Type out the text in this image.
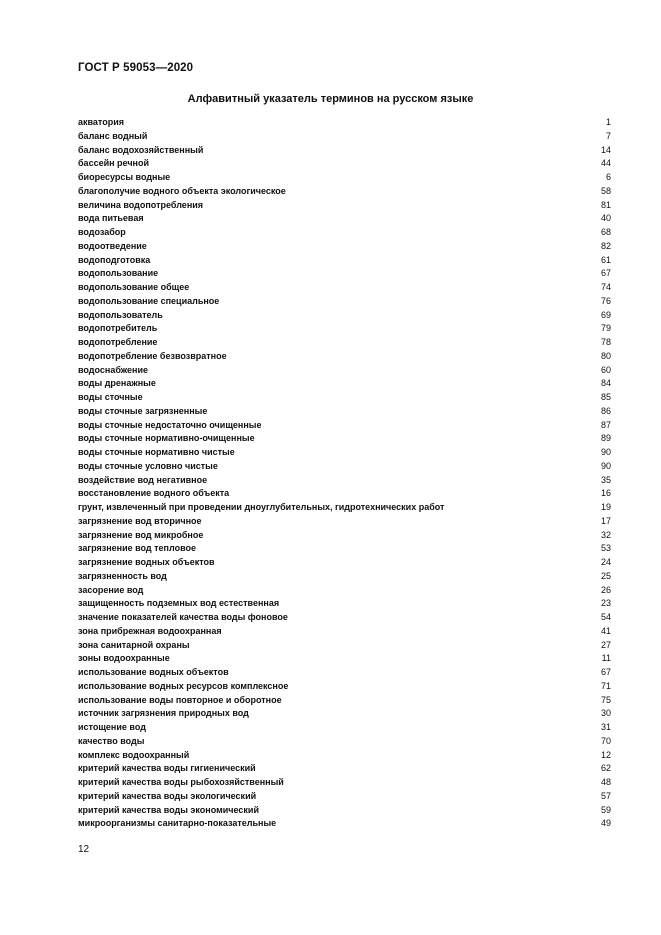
ГОСТ Р 59053—2020
Алфавитный указатель терминов на русском языке
акватория	1
баланс водный	7
баланс водохозяйственный	14
бассейн речной	44
биоресурсы водные	6
благополучие водного объекта экологическое	58
величина водопотребления	81
вода питьевая	40
водозабор	68
водоотведение	82
водоподготовка	61
водопользование	67
водопользование общее	74
водопользование специальное	76
водопользователь	69
водопотребитель	79
водопотребление	78
водопотребление безвозвратное	80
водоснабжение	60
воды дренажные	84
воды сточные	85
воды сточные загрязненные	86
воды сточные недостаточно очищенные	87
воды сточные нормативно-очищенные	89
воды сточные нормативно чистые	90
воды сточные условно чистые	90
воздействие вод негативное	35
восстановление водного объекта	16
грунт, извлеченный при проведении дноуглубительных, гидротехнических работ	19
загрязнение вод вторичное	17
загрязнение вод микробное	32
загрязнение вод тепловое	53
загрязнение водных объектов	24
загрязненность вод	25
засорение вод	26
защищенность подземных вод естественная	23
значение показателей качества воды фоновое	54
зона прибрежная водоохранная	41
зона санитарной охраны	27
зоны водоохранные	11
использование водных объектов	67
использование водных ресурсов комплексное	71
использование воды повторное и оборотное	75
источник загрязнения природных вод	30
истощение вод	31
качество воды	70
комплекс водоохранный	12
критерий качества воды гигиенический	62
критерий качества воды рыбохозяйственный	48
критерий качества воды экологический	57
критерий качества воды экономический	59
микроорганизмы санитарно-показательные	49
12
